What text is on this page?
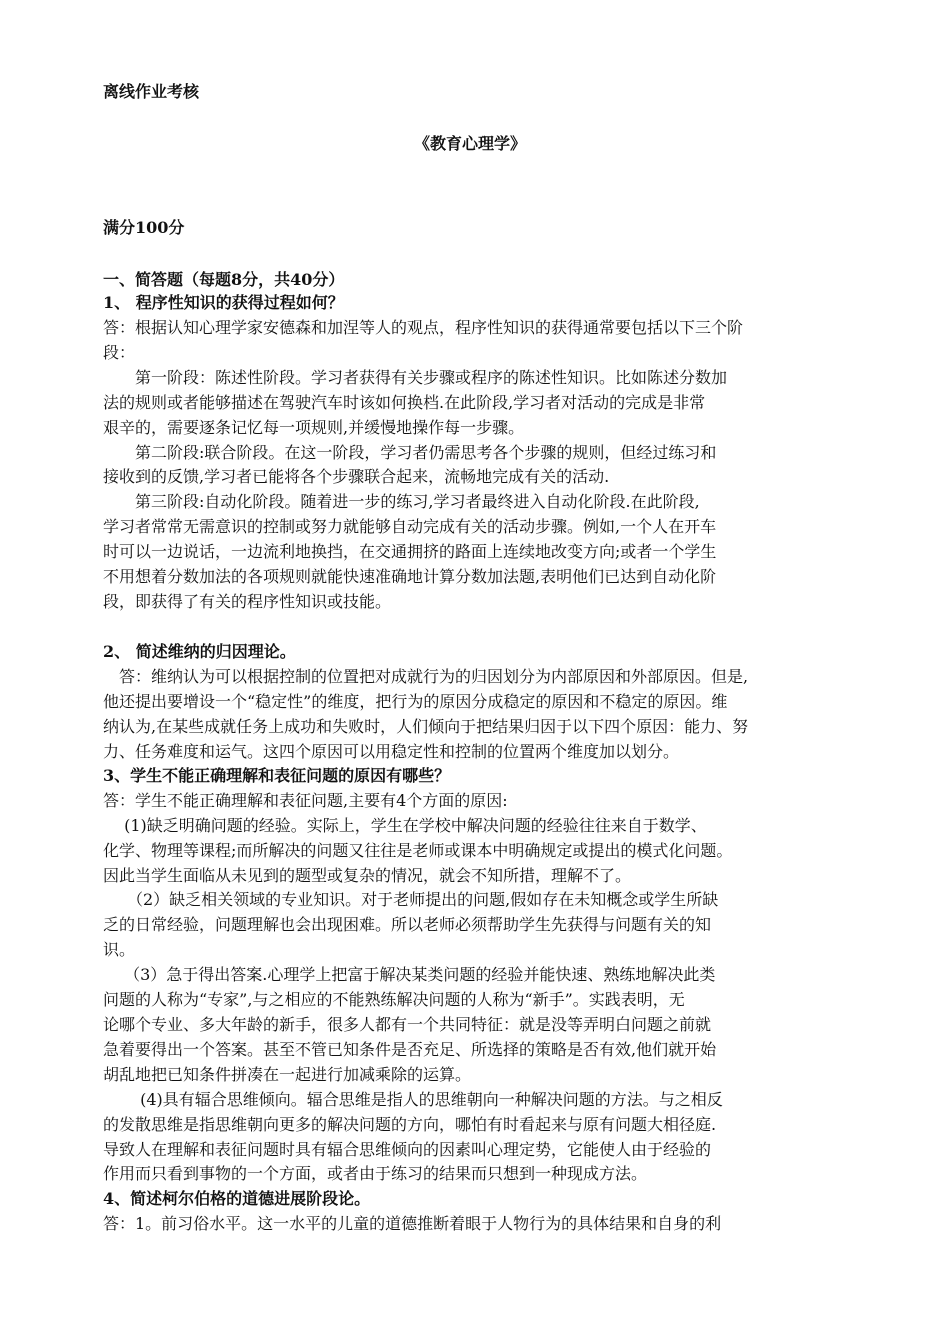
离线作业考核
《教育心理学》
满分100分
一、简答题（每题8分，共40分）
1、 程序性知识的获得过程如何？
答：根据认知心理学家安德森和加涅等人的观点，程序性知识的获得通常要包括以下三个阶
段：
　　第一阶段：陈述性阶段。学习者获得有关步骤或程序的陈述性知识。比如陈述分数加
法的规则或者能够描述在驾驶汽车时该如何换档.在此阶段,学习者对活动的完成是非常
艰辛的，需要逐条记忆每一项规则,并缓慢地操作每一步骤。
　　第二阶段:联合阶段。在这一阶段，学习者仍需思考各个步骤的规则，但经过练习和
接收到的反馈,学习者已能将各个步骤联合起来，流畅地完成有关的活动.
　　第三阶段:自动化阶段。随着进一步的练习,学习者最终进入自动化阶段.在此阶段,
学习者常常无需意识的控制或努力就能够自动完成有关的活动步骤。例如,一个人在开车
时可以一边说话，一边流利地换挡，在交通拥挤的路面上连续地改变方向;或者一个学生
不用想着分数加法的各项规则就能快速准确地计算分数加法题,表明他们已达到自动化阶
段，即获得了有关的程序性知识或技能。
2、 简述维纳的归因理论。
　答：维纳认为可以根据控制的位置把对成就行为的归因划分为内部原因和外部原因。但是,
他还提出要增设一个“稳定性”的维度，把行为的原因分成稳定的原因和不稳定的原因。维
纳认为,在某些成就任务上成功和失败时，人们倾向于把结果归因于以下四个原因：能力、努
力、任务难度和运气。这四个原因可以用稳定性和控制的位置两个维度加以划分。
3、学生不能正确理解和表征问题的原因有哪些？
答：学生不能正确理解和表征问题,主要有4个方面的原因:
　 (1)缺乏明确问题的经验。实际上，学生在学校中解决问题的经验往往来自于数学、
化学、物理等课程;而所解决的问题又往往是老师或课本中明确规定或提出的模式化问题。
因此当学生面临从未见到的题型或复杂的情况，就会不知所措，理解不了。
　　（2）缺乏相关领域的专业知识。对于老师提出的问题,假如存在未知概念或学生所缺
乏的日常经验，问题理解也会出现困难。所以老师必须帮助学生先获得与问题有关的知
识。
　 （3）急于得出答案.心理学上把富于解决某类问题的经验并能快速、熟练地解决此类
问题的人称为“专家”,与之相应的不能熟练解决问题的人称为“新手”。实践表明，无
论哪个专业、多大年龄的新手，很多人都有一个共同特征：就是没等弄明白问题之前就
急着要得出一个答案。甚至不管已知条件是否充足、所选择的策略是否有效,他们就开始
胡乱地把已知条件拼凑在一起进行加减乘除的运算。
　　 (4)具有辐合思维倾向。辐合思维是指人的思维朝向一种解决问题的方法。与之相反
的发散思维是指思维朝向更多的解决问题的方向，哪怕有时看起来与原有问题大相径庭.
导致人在理解和表征问题时具有辐合思维倾向的因素叫心理定势，它能使人由于经验的
作用而只看到事物的一个方面，或者由于练习的结果而只想到一种现成方法。
4、简述柯尔伯格的道德进展阶段论。
答：1。前习俗水平。这一水平的儿童的道德推断着眼于人物行为的具体结果和自身的利
